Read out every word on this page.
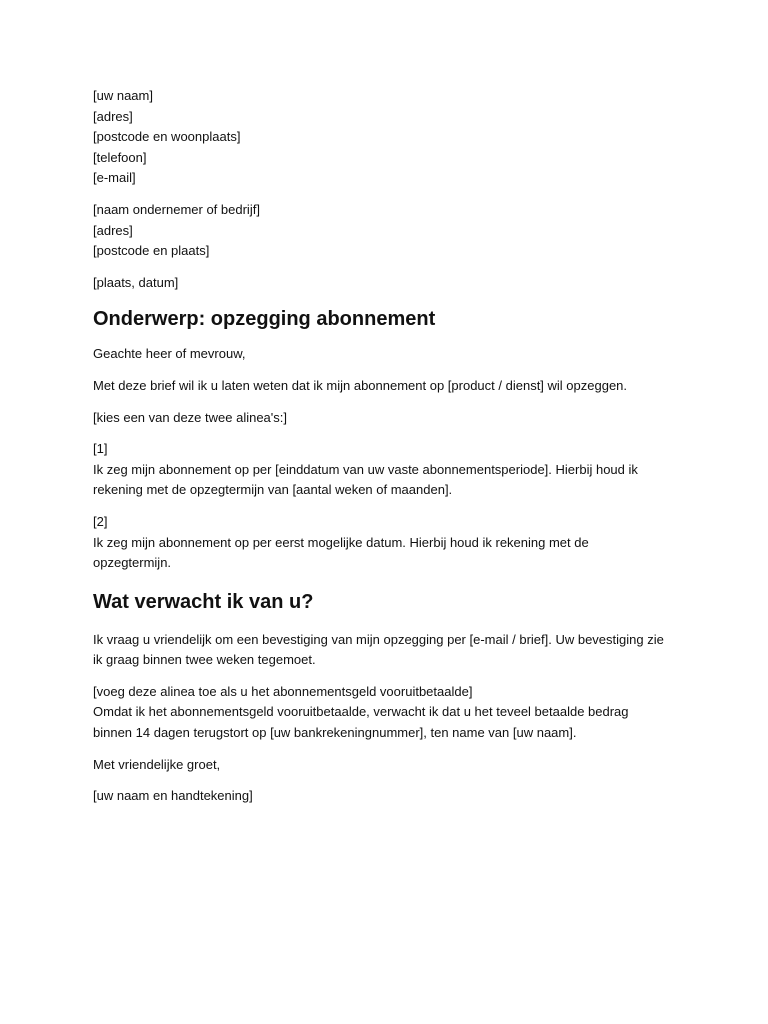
[uw naam]

[adres]

[postcode en woonplaats]

[telefoon]

[e-mail]

[naam ondernemer of bedrijf]

[adres]

[postcode en plaats]

[plaats, datum]

Onderwerp: opzegging abonnement

Geachte heer of mevrouw,

Met deze brief wil ik u laten weten dat ik mijn abonnement op [product / dienst] wil opzeggen.

[kies een van deze twee alinea's:]

[1]

Ik zeg mijn abonnement op per [einddatum van uw vaste abonnementsperiode]. Hierbij houd ik

rekening met de opzegtermijn van [aantal weken of maanden].

[2]

Ik zeg mijn abonnement op per eerst mogelijke datum. Hierbij houd ik rekening met de

opzegtermijn.

Wat verwacht ik van u?

Ik vraag u vriendelijk om een bevestiging van mijn opzegging per [e-mail / brief]. Uw bevestiging zie

ik graag binnen twee weken tegemoet.

[voeg deze alinea toe als u het abonnementsgeld vooruitbetaalde]

Omdat ik het abonnementsgeld vooruitbetaalde, verwacht ik dat u het teveel betaalde bedrag

binnen 14 dagen terugstort op [uw bankrekeningnummer], ten name van [uw naam].

Met vriendelijke groet,

[uw naam en handtekening]
